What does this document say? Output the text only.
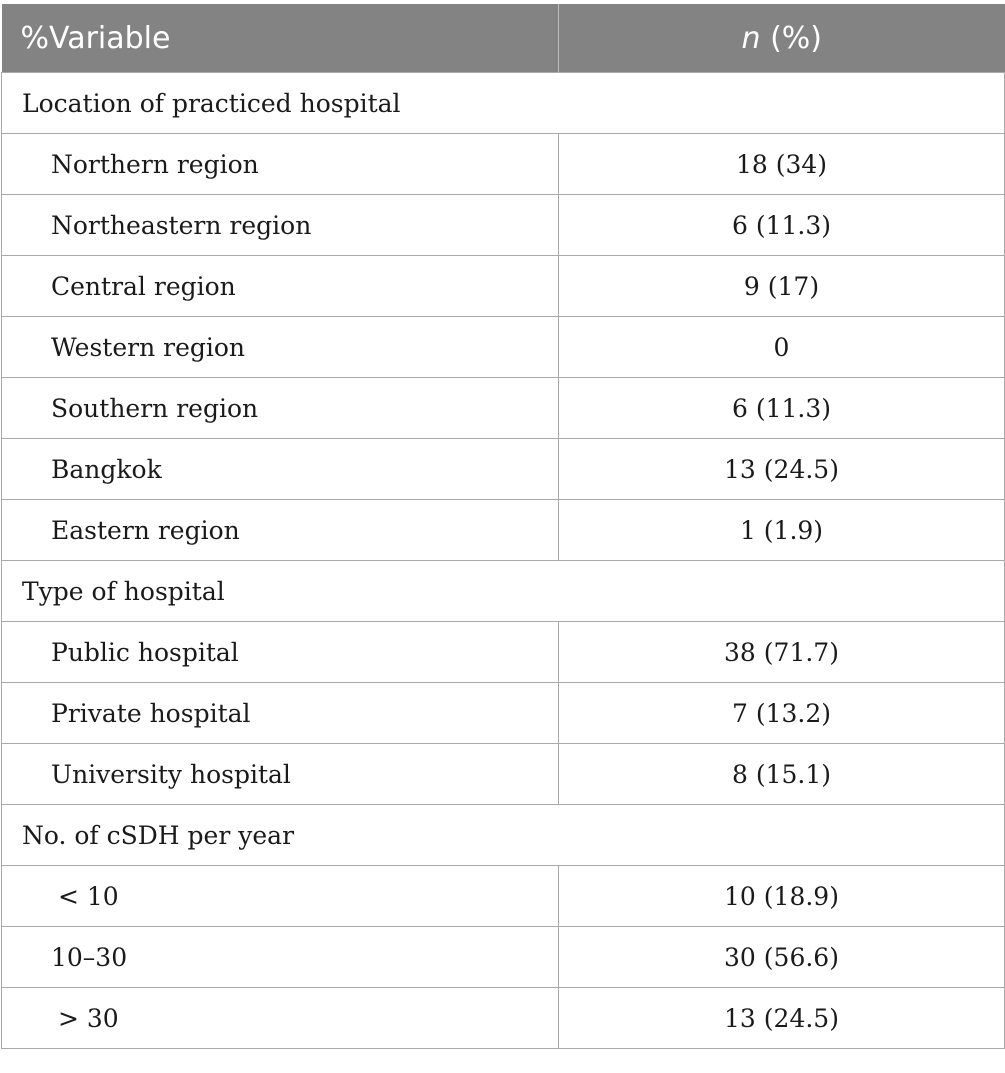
%Variable	n (%)
Location of practiced hospital	
Northern region	18 (34)
Northeastern region	6 (11.3)
Central region	9 (17)
Western region	0
Southern region	6 (11.3)
Bangkok	13 (24.5)
Eastern region	1 (1.9)
Type of hospital	
Public hospital	38 (71.7)
Private hospital	7 (13.2)
University hospital	8 (15.1)
No. of cSDH per year	
< 10	10 (18.9)
10–30	30 (56.6)
> 30	13 (24.5)
